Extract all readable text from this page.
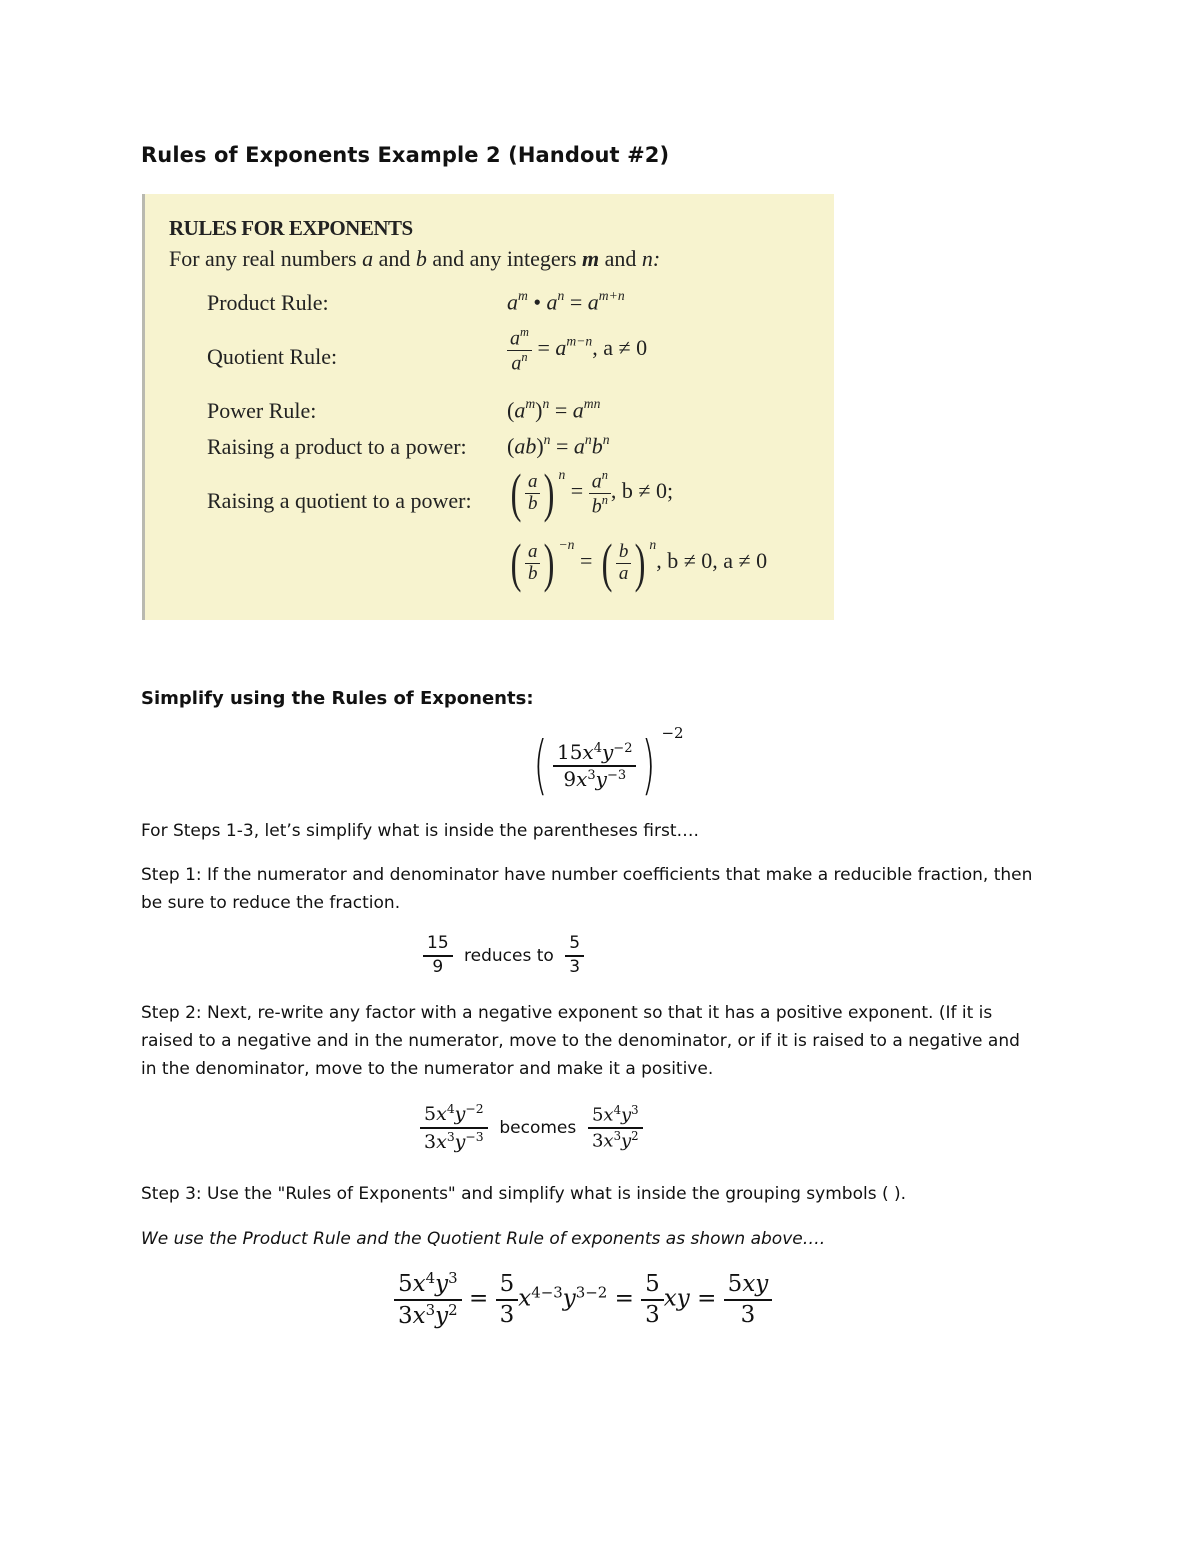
Rules of Exponents Example 2 (Handout #2)
RULES FOR EXPONENTS
For any real numbers a and b and any integers m and n:
Product Rule:	$a^m$ • $a^n = a^{m+n}$
Quotient Rule:	$\frac{a^m}{a^n} = a^{m-n}$, a ≠ 0
Power Rule:	$(a^m)^n = a^{mn}$
Raising a product to a power: $(ab)^n = a^nb^n$
Raising a quotient to a power: ( $\frac{a}{b}$ ) $^n = \frac{a^n}{b^n}$ , b ≠ 0;
( $\frac{a}{b}$ ) $^{-n}$ = ( $\frac{b}{a}$ ) $^n$, b ≠ 0, a ≠ 0
Simplify using the Rules of Exponents:
( $\frac{15x^4y^{-2}}{9x^3y^{-3}}$ ) $^{-2}$
For Steps 1-3, let’s simplify what is inside the parentheses first….
Step 1: If the numerator and denominator have number coefficients that make a reducible fraction, then
be sure to reduce the fraction.
$\frac{15}{9}$ reduces to $\frac{5}{3}$
Step 2: Next, re-write any factor with a negative exponent so that it has a positive exponent. (If it is
raised to a negative and in the numerator, move to the denominator, or if it is raised to a negative and
in the denominator, move to the numerator and make it a positive.
$\frac{5x^4y^{-2}}{3x^3y^{-3}}$ becomes $\frac{5x^4y^3}{3x^3y^2}$
Step 3: Use the "Rules of Exponents" and simplify what is inside the grouping symbols ( ).
We use the Product Rule and the Quotient Rule of exponents as shown above….
$\frac{5x^4y^3}{3x^3y^2} = \frac{5}{3} x^{4-3}y^{3-2} = \frac{5}{3}$ xy = $\frac{5xy}{3}$
